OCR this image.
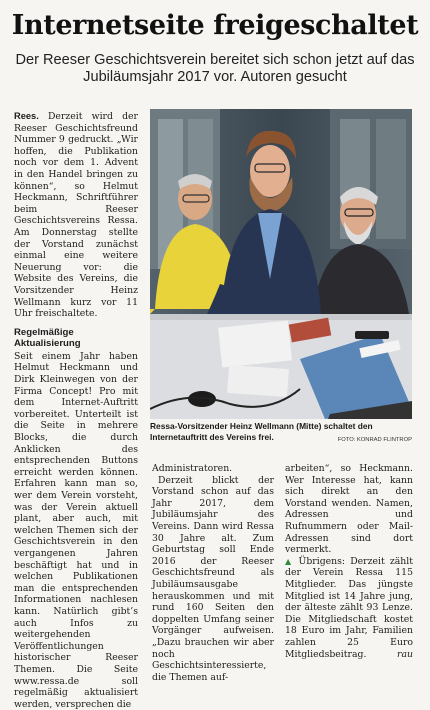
Internetseite freigeschaltet

Der Reeser Geschichtsverein bereitet sich schon jetzt auf das Jubiläumsjahr 2017 vor. Autoren gesucht

Rees. Derzeit wird der Reeser Geschichtsfreund Nummer 9 gedruckt. „Wir hoffen, die Publikation noch vor dem 1. Advent in den Handel bringen zu können“, so Helmut Heckmann, Schriftführer beim Reeser Geschichtsvereins Ressa. Am Donnerstag stellte der Vorstand zunächst einmal eine weitere Neuerung vor: die Website des Vereins, die Vorsitzender Heinz Wellmann kurz vor 11 Uhr freischaltete.

Regelmäßige Aktualisierung

Seit einem Jahr haben Helmut Heckmann und Dirk Kleinwegen von der Firma Concept! Pro mit dem Internet-Auftritt vorbereitet. Unterteilt ist die Seite in mehrere Blocks, die durch Anklicken des entsprechenden Buttons erreicht werden können. Erfahren kann man so, wer dem Verein vorsteht, was der Verein aktuell plant, aber auch, mit welchen Themen sich der Geschichtsverein in den vergangenen Jahren beschäftigt hat und in welchen Publikationen man die entsprechenden Informationen nachlesen kann. Natürlich gibt’s auch Infos zu weitergehenden Veröffentlichungen historischer Reeser Themen. Die Seite www.ressa.de soll regelmäßig aktualisiert werden, versprechen die

Ressa-Vorsitzender Heinz Wellmann (Mitte) schaltet den Internetauftritt des Vereins frei.	FOTO: KONRAD FLINTROP

Administratoren.

Derzeit blickt der Vorstand schon auf das Jahr 2017, dem Jubiläumsjahr des Vereins. Dann wird Ressa 30 Jahre alt. Zum Geburtstag soll Ende 2016 der Reeser Geschichtsfreund als Jubiläumsausgabe herauskommen und mit rund 160 Seiten den doppelten Umfang seiner Vorgänger aufweisen. „Dazu brauchen wir aber noch Geschichtsinteressierte, die Themen auf-

arbeiten“, so Heckmann. Wer Interesse hat, kann sich direkt an den Vorstand wenden. Namen, Adressen und Rufnummern oder Mail-Adressen sind dort vermerkt.

▲ Übrigens: Derzeit zählt der Verein Ressa 115 Mitglieder. Das jüngste Mitglied ist 14 Jahre jung, der älteste zählt 93 Lenze. Die Mitgliedschaft kostet 18 Euro im Jahr, Familien zahlen 25 Euro Mitgliedsbeitrag.	rau
